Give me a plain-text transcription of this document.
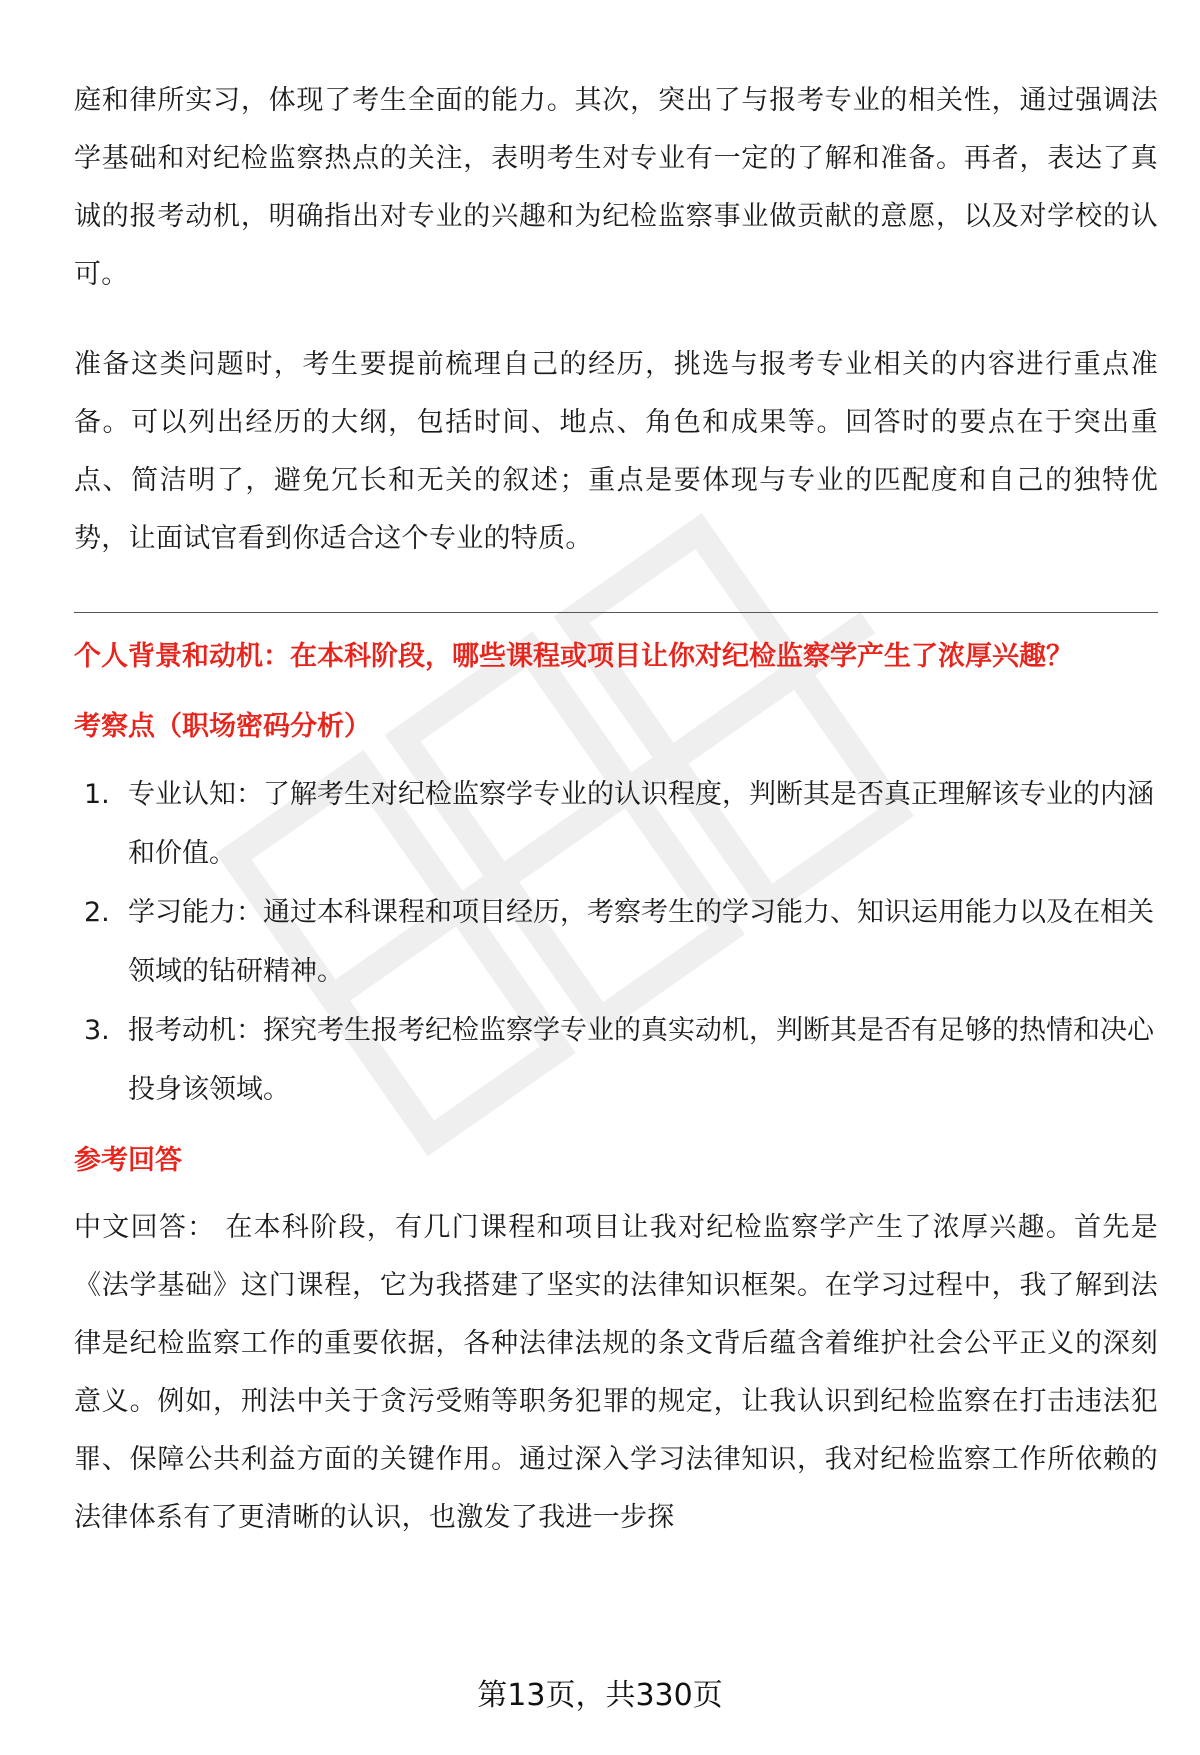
庭和律所实习，体现了考生全面的能力。其次，突出了与报考专业的相关性，通过强调法学基础和对纪检监察热点的关注，表明考生对专业有一定的了解和准备。再者，表达了真诚的报考动机，明确指出对专业的兴趣和为纪检监察事业做贡献的意愿，以及对学校的认可。

准备这类问题时，考生要提前梳理自己的经历，挑选与报考专业相关的内容进行重点准备。可以列出经历的大纲，包括时间、地点、角色和成果等。回答时的要点在于突出重点、简洁明了，避免冗长和无关的叙述；重点是要体现与专业的匹配度和自己的独特优势，让面试官看到你适合这个专业的特质。

个人背景和动机：在本科阶段，哪些课程或项目让你对纪检监察学产生了浓厚兴趣？

考察点（职场密码分析）

1. 专业认知：了解考生对纪检监察学专业的认识程度，判断其是否真正理解该专业的内涵和价值。
2. 学习能力：通过本科课程和项目经历，考察考生的学习能力、知识运用能力以及在相关领域的钻研精神。
3. 报考动机：探究考生报考纪检监察学专业的真实动机，判断其是否有足够的热情和决心投身该领域。

参考回答

中文回答： 在本科阶段，有几门课程和项目让我对纪检监察学产生了浓厚兴趣。首先是《法学基础》这门课程，它为我搭建了坚实的法律知识框架。在学习过程中，我了解到法律是纪检监察工作的重要依据，各种法律法规的条文背后蕴含着维护社会公平正义的深刻意义。例如，刑法中关于贪污受贿等职务犯罪的规定，让我认识到纪检监察在打击违法犯罪、保障公共利益方面的关键作用。通过深入学习法律知识，我对纪检监察工作所依赖的法律体系有了更清晰的认识，也激发了我进一步探

第13页，共330页
